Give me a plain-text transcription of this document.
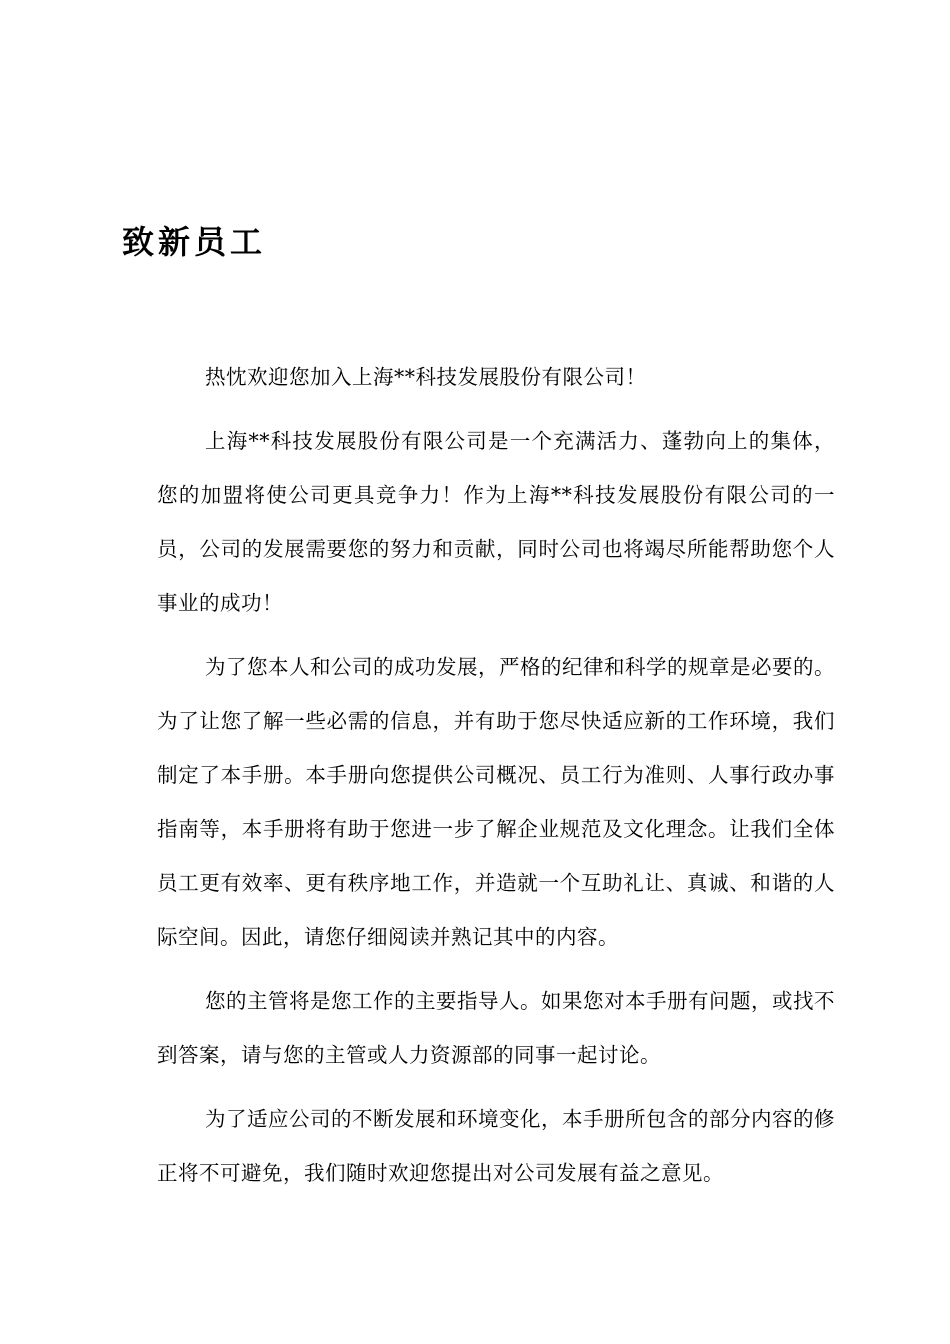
致新员工

热忱欢迎您加入上海**科技发展股份有限公司！

上海**科技发展股份有限公司是一个充满活力、蓬勃向上的集体，您的加盟将使公司更具竞争力！作为上海**科技发展股份有限公司的一员，公司的发展需要您的努力和贡献，同时公司也将竭尽所能帮助您个人事业的成功！

为了您本人和公司的成功发展，严格的纪律和科学的规章是必要的。为了让您了解一些必需的信息，并有助于您尽快适应新的工作环境，我们制定了本手册。本手册向您提供公司概况、员工行为准则、人事行政办事指南等，本手册将有助于您进一步了解企业规范及文化理念。让我们全体员工更有效率、更有秩序地工作，并造就一个互助礼让、真诚、和谐的人际空间。因此，请您仔细阅读并熟记其中的内容。

您的主管将是您工作的主要指导人。如果您对本手册有问题，或找不到答案，请与您的主管或人力资源部的同事一起讨论。

为了适应公司的不断发展和环境变化，本手册所包含的部分内容的修正将不可避免，我们随时欢迎您提出对公司发展有益之意见。
